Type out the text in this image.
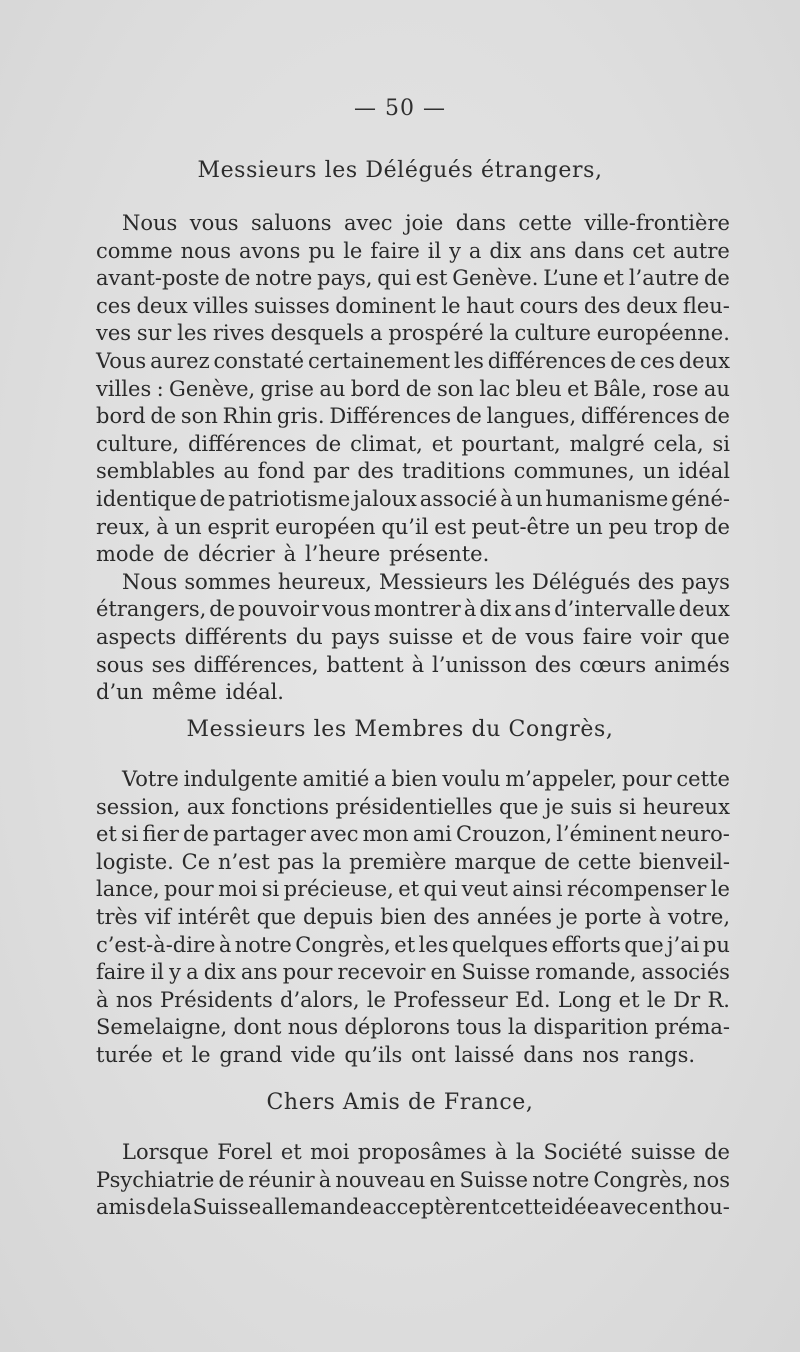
— 50 —
Messieurs les Délégués étrangers,
Nous vous saluons avec joie dans cette ville-frontière
comme nous avons pu le faire il y a dix ans dans cet autre
avant-poste de notre pays, qui est Genève. L’une et l’autre de
ces deux villes suisses dominent le haut cours des deux fleu-
ves sur les rives desquels a prospéré la culture européenne.
Vous aurez constaté certainement les différences de ces deux
villes : Genève, grise au bord de son lac bleu et Bâle, rose au
bord de son Rhin gris. Différences de langues, différences de
culture, différences de climat, et pourtant, malgré cela, si
semblables au fond par des traditions communes, un idéal
identique de patriotisme jaloux associé à un humanisme géné-
reux, à un esprit européen qu’il est peut-être un peu trop de
mode de décrier à l’heure présente.
Nous sommes heureux, Messieurs les Délégués des pays
étrangers, de pouvoir vous montrer à dix ans d’intervalle deux
aspects différents du pays suisse et de vous faire voir que
sous ses différences, battent à l’unisson des cœurs animés
d’un même idéal.
Messieurs les Membres du Congrès,
Votre indulgente amitié a bien voulu m’appeler, pour cette
session, aux fonctions présidentielles que je suis si heureux
et si fier de partager avec mon ami Crouzon, l’éminent neuro-
logiste. Ce n’est pas la première marque de cette bienveil-
lance, pour moi si précieuse, et qui veut ainsi récompenser le
très vif intérêt que depuis bien des années je porte à votre,
c’est-à-dire à notre Congrès, et les quelques efforts que j’ai pu
faire il y a dix ans pour recevoir en Suisse romande, associés
à nos Présidents d’alors, le Professeur Ed. Long et le Dr R.
Semelaigne, dont nous déplorons tous la disparition préma-
turée et le grand vide qu’ils ont laissé dans nos rangs.
Chers Amis de France,
Lorsque Forel et moi proposâmes à la Société suisse de
Psychiatrie de réunir à nouveau en Suisse notre Congrès, nos
amis de la Suisse allemande acceptèrent cette idée avec enthou-
